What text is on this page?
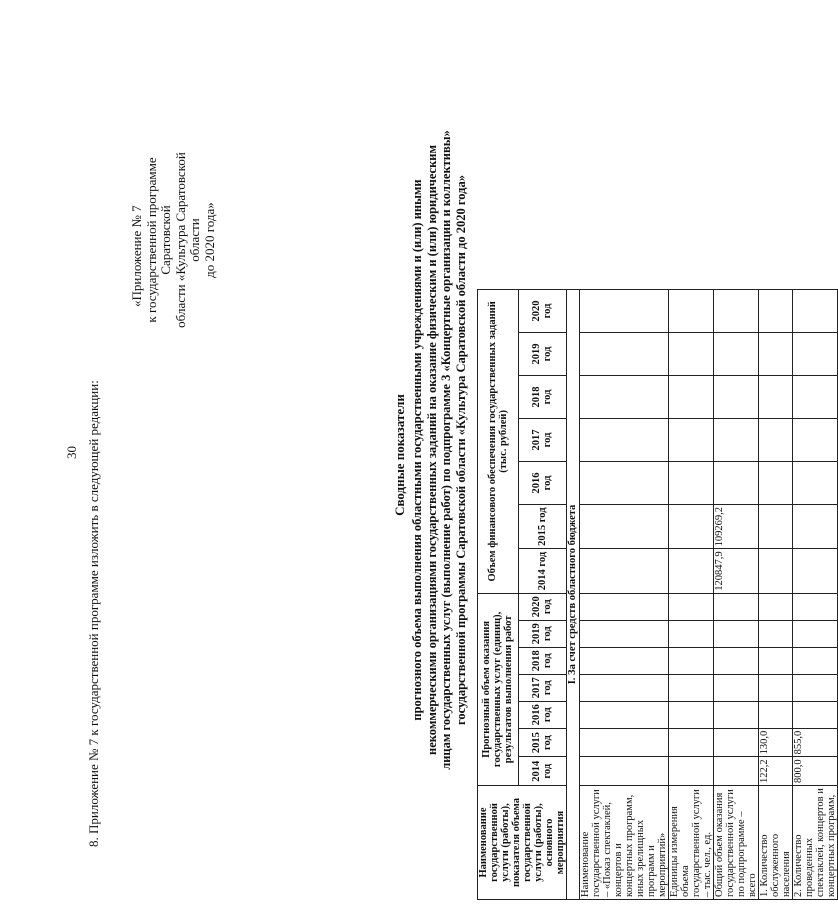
30 8. Приложение № 7 к государственной программе изложить в следующей редакции:
«Приложение № 7 к государственной программе Саратовской области «Культура Саратовской области до 2020 года»
Сводные показатели прогнозного объема выполнения областными государственными учреждениями и (или) иными некоммерческими организациями государственных заданий на оказание физическим и (или) юридическим лицам государственных услуг (выполнение работ) по подпрограмме 3 «Концертные организации и коллективы» государственной программы Саратовской области «Культура Саратовской области до 2020 года»
Наименование государственной услуги (работы), показателя объема государственной услуги (работы), основного мероприятия	Прогнозный объем оказания государственных услуг (единиц), результатов выполнения работ							Объем финансового обеспечения государственных заданий (тыс. рублей)						
	2014 год	2015 год	2016 год	2017 год	2018 год	2019 год	2020 год	2014 год	2015 год	2016 год	2017 год	2018 год	2019 год	2020 год
I. За счет средств областного бюджета														
Наименование государственной услуги – «Показ спектаклей, концертов и концертных программ, иных зрелищных программ и мероприятий»														
Единицы измерения объема государственной услуги – тыс. чел., ед.														
Общий объем оказания государственной услуги по подпрограмме – всего								120847,9	109269,2					
1. Количество обслуженного населения	122,2	130,0												
2. Количество проведенных спектаклей, концертов и концертных программ,	800,0	855,0												
